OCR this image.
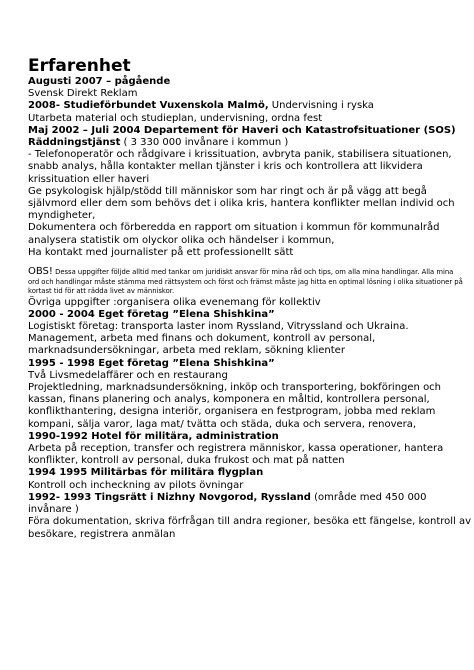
Erfarenhet
Augusti 2007 – pågående
Svensk Direkt Reklam
2008- Studieförbundet Vuxenskola Malmö, Undervisning i ryska
Utarbeta material och studieplan, undervisning, ordna fest
Maj 2002 – Juli 2004 Departement för Haveri och Katastrofsituationer (SOS)
Räddningstjänst ( 3 330 000 invånare i kommun )
- Telefonoperatör och rådgivare i krissituation, avbryta panik, stabilisera situationen,
snabb analys, hålla kontakter mellan tjänster i kris och kontrollera att likvidera
krissituation eller haveri
Ge psykologisk hjälp/stödd till människor som har ringt och är på vägg att begå
självmord eller dem som behövs det i olika kris, hantera konflikter mellan individ och
myndigheter,
Dokumentera och förberedda en rapport om situation i kommun för kommunalråd
analysera statistik om olyckor olika och händelser i kommun,
Ha kontakt med journalister på ett professionellt sätt
OBS! Dessa uppgifter följde alltid med tankar om juridiskt ansvar för mina råd och tips, om alla mina handlingar. Alla mina
ord och handlingar måste stämma med rättsystem och först och främst måste jag hitta en optimal lösning i olika situationer på
kortast tid för att rädda livet av människor.
Övriga uppgifter :organisera olika evenemang för kollektiv
2000 - 2004 Eget företag ”Elena Shishkina”
Logistiskt företag: transporta laster inom Ryssland, Vitryssland och Ukraina.
Management, arbeta med finans och dokument, kontroll av personal,
marknadsundersökningar, arbeta med reklam, sökning klienter
1995 - 1998 Eget företag ”Elena Shishkina”
Två Livsmedelaffärer och en restaurang
Projektledning, marknadsundersökning, inköp och transportering, bokföringen och
kassan, finans planering och analys, komponera en måltid, kontrollera personal,
konflikthantering, designa interiör, organisera en festprogram, jobba med reklam
kompani, sälja varor, laga mat/ tvätta och städa, duka och servera, renovera,
1990-1992 Hotel för militära, administration
Arbeta på reception, transfer och registrera människor, kassa operationer, hantera
konflikter, kontroll av personal, duka frukost och mat på natten
1994 1995 Militärbas för militära flygplan
Kontroll och incheckning av pilots övningar
1992- 1993 Tingsrätt i Nizhny Novgorod, Ryssland (område med 450 000
invånare )
Föra dokumentation, skriva förfrågan till andra regioner, besöka ett fängelse, kontroll av
besökare, registrera anmälan
